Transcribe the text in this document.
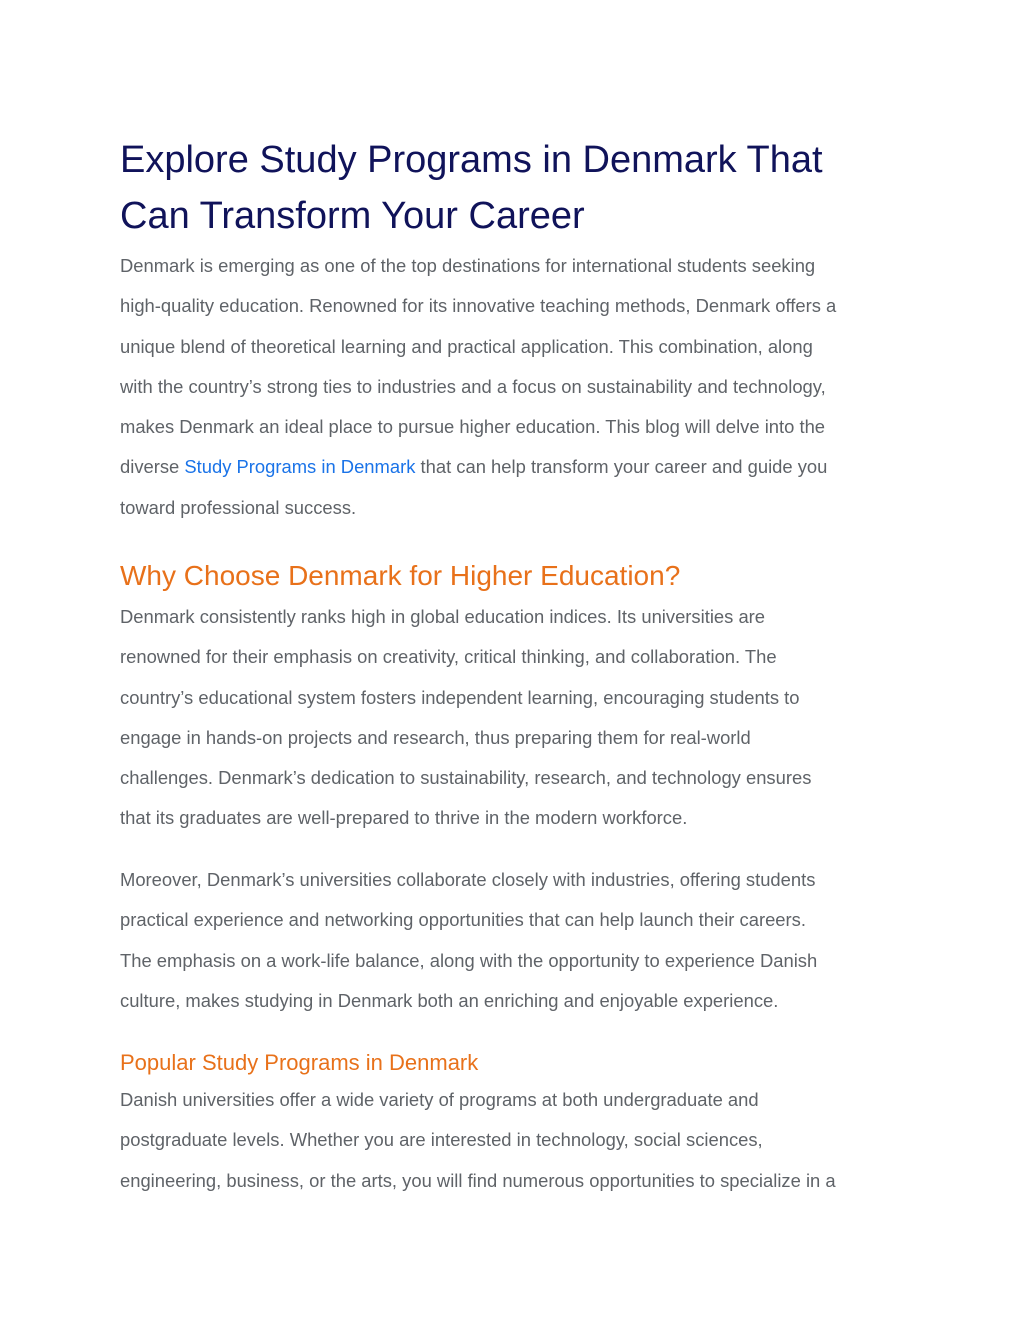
Explore Study Programs in Denmark That
Can Transform Your Career

Denmark is emerging as one of the top destinations for international students seeking
high-quality education. Renowned for its innovative teaching methods, Denmark offers a
unique blend of theoretical learning and practical application. This combination, along
with the country’s strong ties to industries and a focus on sustainability and technology,
makes Denmark an ideal place to pursue higher education. This blog will delve into the
diverse Study Programs in Denmark that can help transform your career and guide you
toward professional success.

Why Choose Denmark for Higher Education?

Denmark consistently ranks high in global education indices. Its universities are
renowned for their emphasis on creativity, critical thinking, and collaboration. The
country’s educational system fosters independent learning, encouraging students to
engage in hands-on projects and research, thus preparing them for real-world
challenges. Denmark’s dedication to sustainability, research, and technology ensures
that its graduates are well-prepared to thrive in the modern workforce.

Moreover, Denmark’s universities collaborate closely with industries, offering students
practical experience and networking opportunities that can help launch their careers.
The emphasis on a work-life balance, along with the opportunity to experience Danish
culture, makes studying in Denmark both an enriching and enjoyable experience.

Popular Study Programs in Denmark

Danish universities offer a wide variety of programs at both undergraduate and
postgraduate levels. Whether you are interested in technology, social sciences,
engineering, business, or the arts, you will find numerous opportunities to specialize in a
